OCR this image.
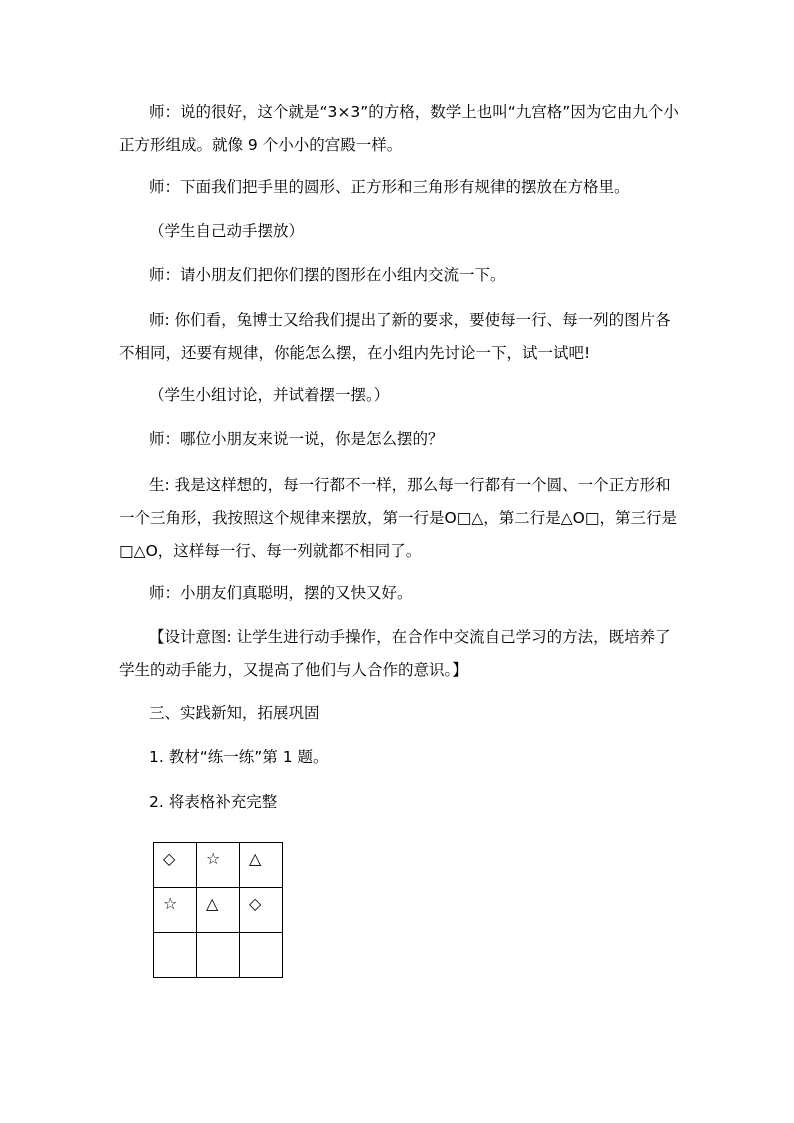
师：说的很好，这个就是“3×3”的方格，数学上也叫“九宫格”因为它由九个小正方形组成。就像 9 个小小的宫殿一样。

师：下面我们把手里的圆形、正方形和三角形有规律的摆放在方格里。

（学生自己动手摆放）

师：请小朋友们把你们摆的图形在小组内交流一下。

师: 你们看，兔博士又给我们提出了新的要求，要使每一行、每一列的图片各不相同，还要有规律，你能怎么摆，在小组内先讨论一下，试一试吧!

（学生小组讨论，并试着摆一摆。）

师：哪位小朋友来说一说，你是怎么摆的？

生: 我是这样想的，每一行都不一样，那么每一行都有一个圆、一个正方形和一个三角形，我按照这个规律来摆放，第一行是O□△，第二行是△O□，第三行是□△O，这样每一行、每一列就都不相同了。

师：小朋友们真聪明，摆的又快又好。

【设计意图: 让学生进行动手操作，在合作中交流自己学习的方法，既培养了学生的动手能力，又提高了他们与人合作的意识。】

三、实践新知，拓展巩固

1. 教材“练一练”第 1 题。

2. 将表格补充完整

◇	☆	△
☆	△	◇
